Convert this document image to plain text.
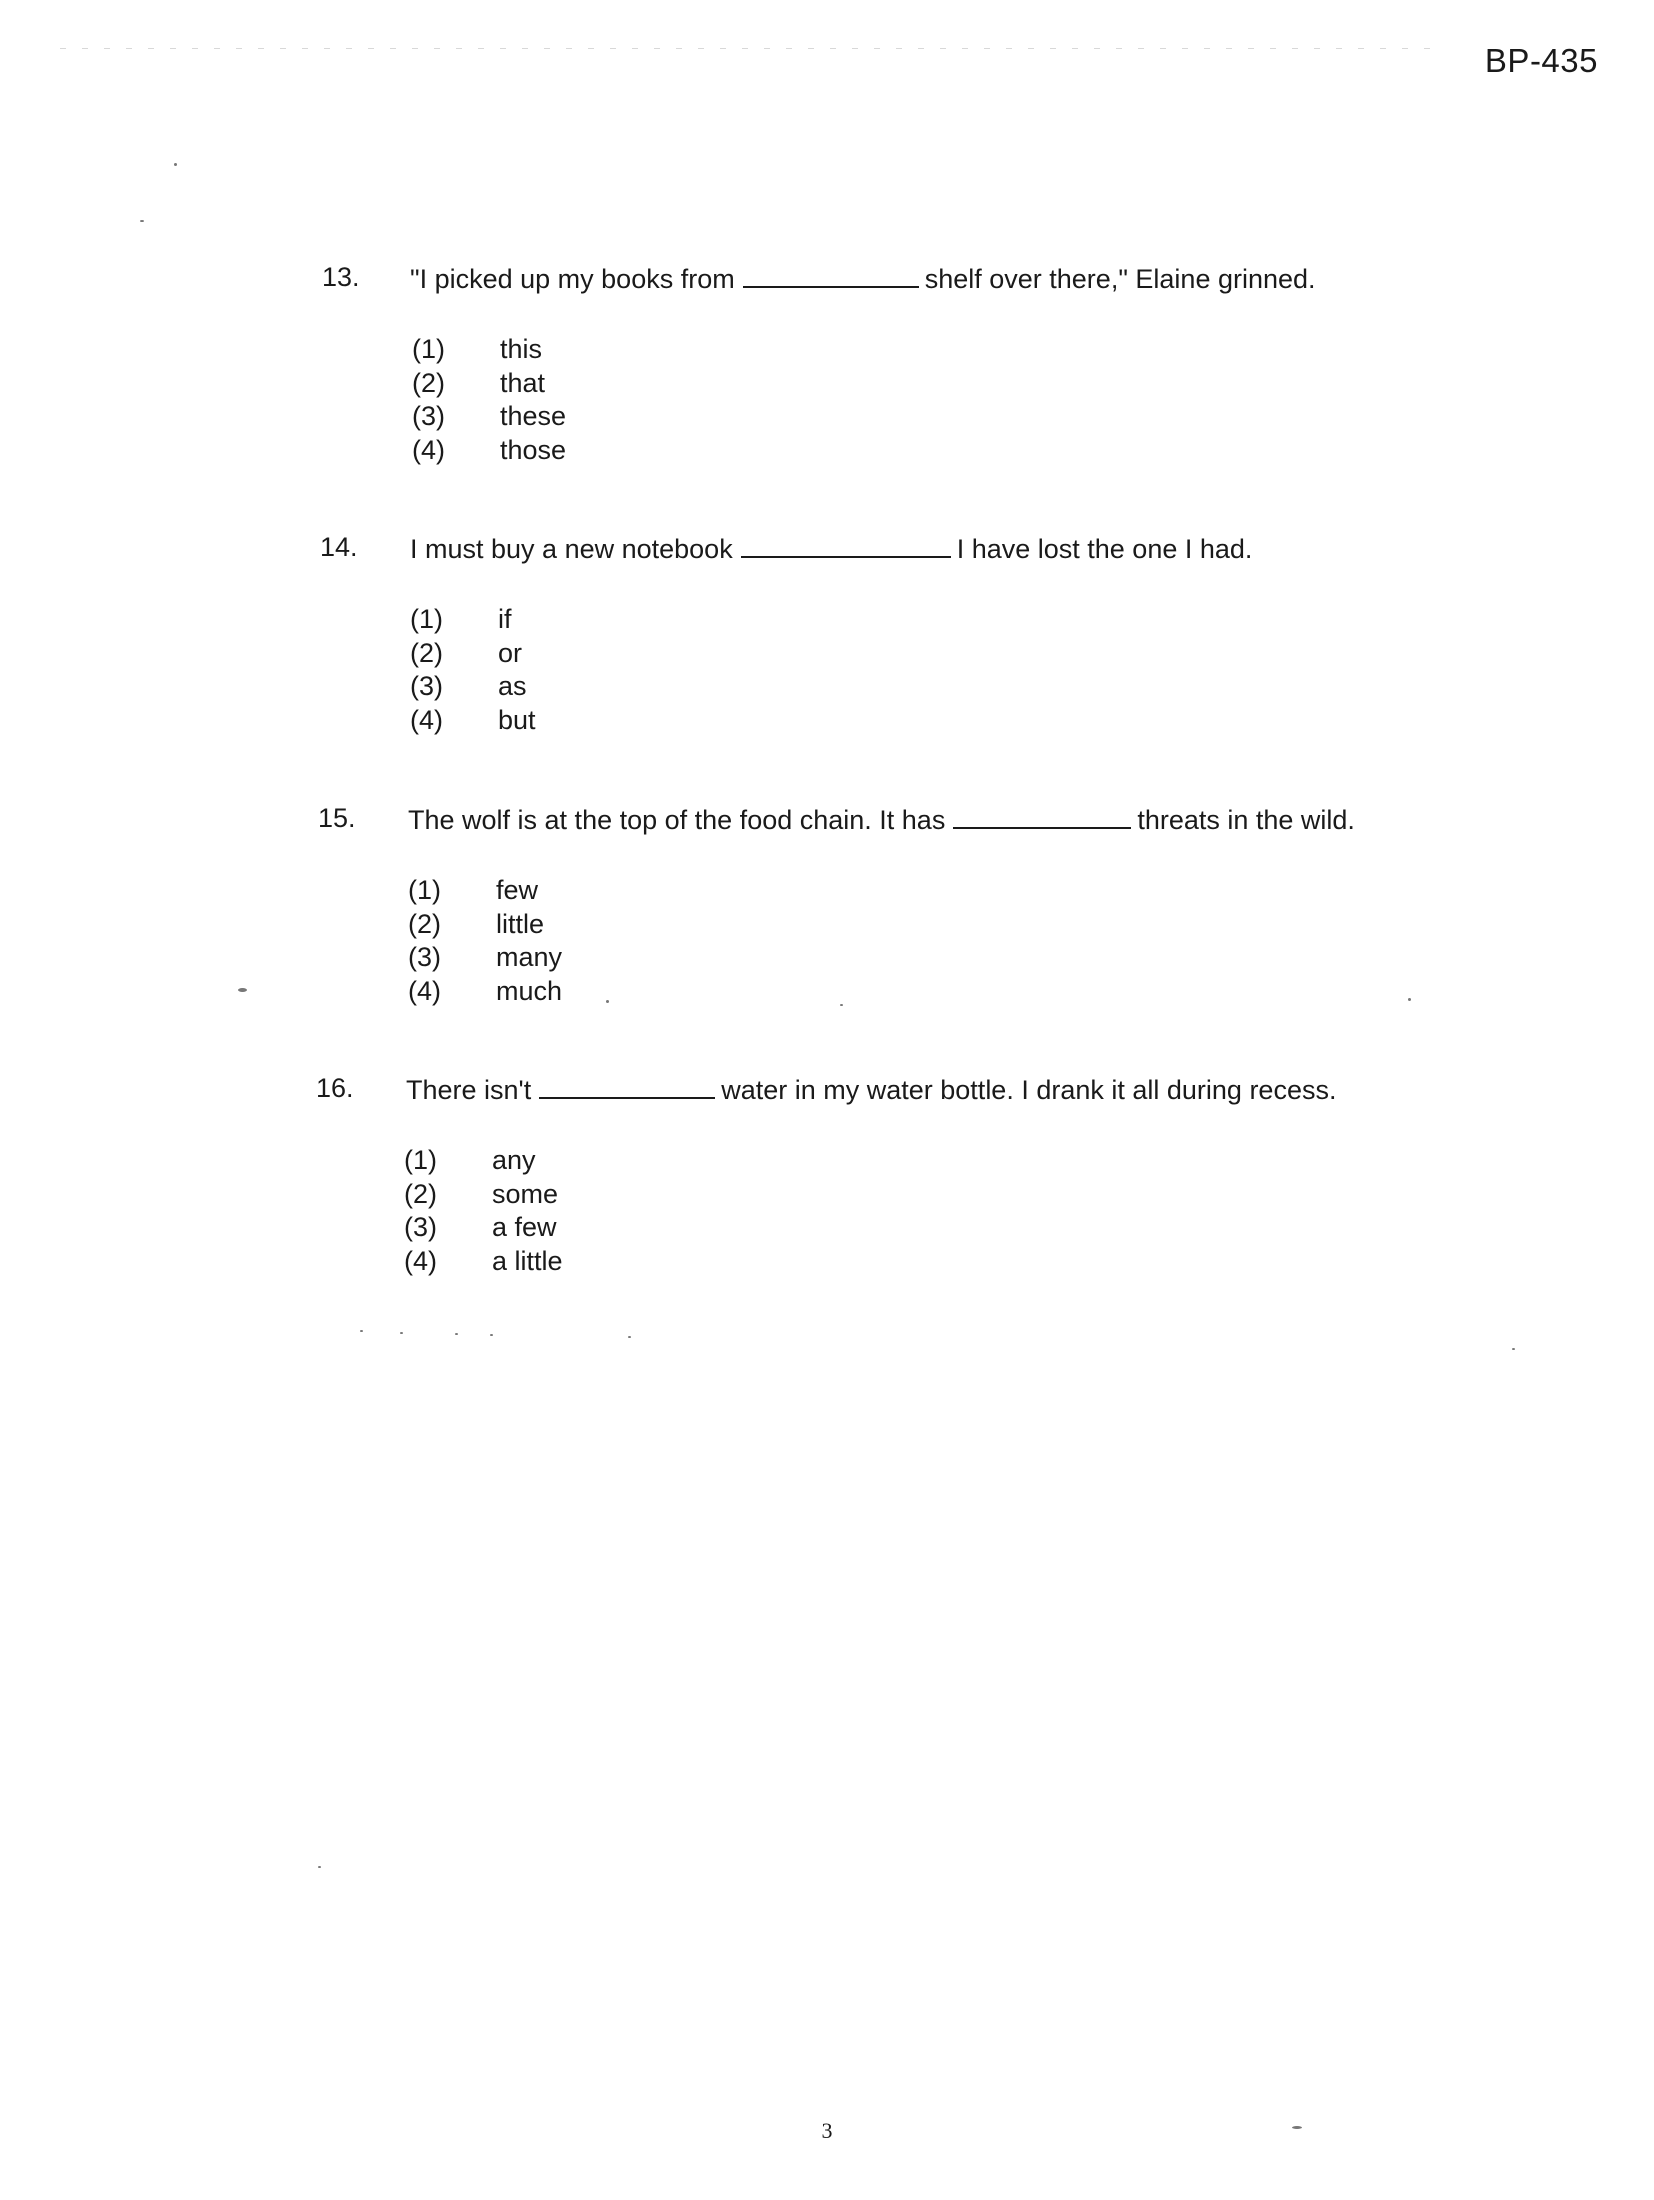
BP-435
13. "I picked up my books from	shelf over there," Elaine grinned.
(1) this
(2) that
(3) these
(4) those
14. I must buy a new notebook	I have lost the one I had.
(1) if
(2) or
(3) as
(4) but
15. The wolf is at the top of the food chain. It has	threats in the wild.
(1) few
(2) little
(3) many
(4) much
16. There isn't	water in my water bottle. I drank it all during recess.
(1) any
(2) some
(3) a few
(4) a little
3
